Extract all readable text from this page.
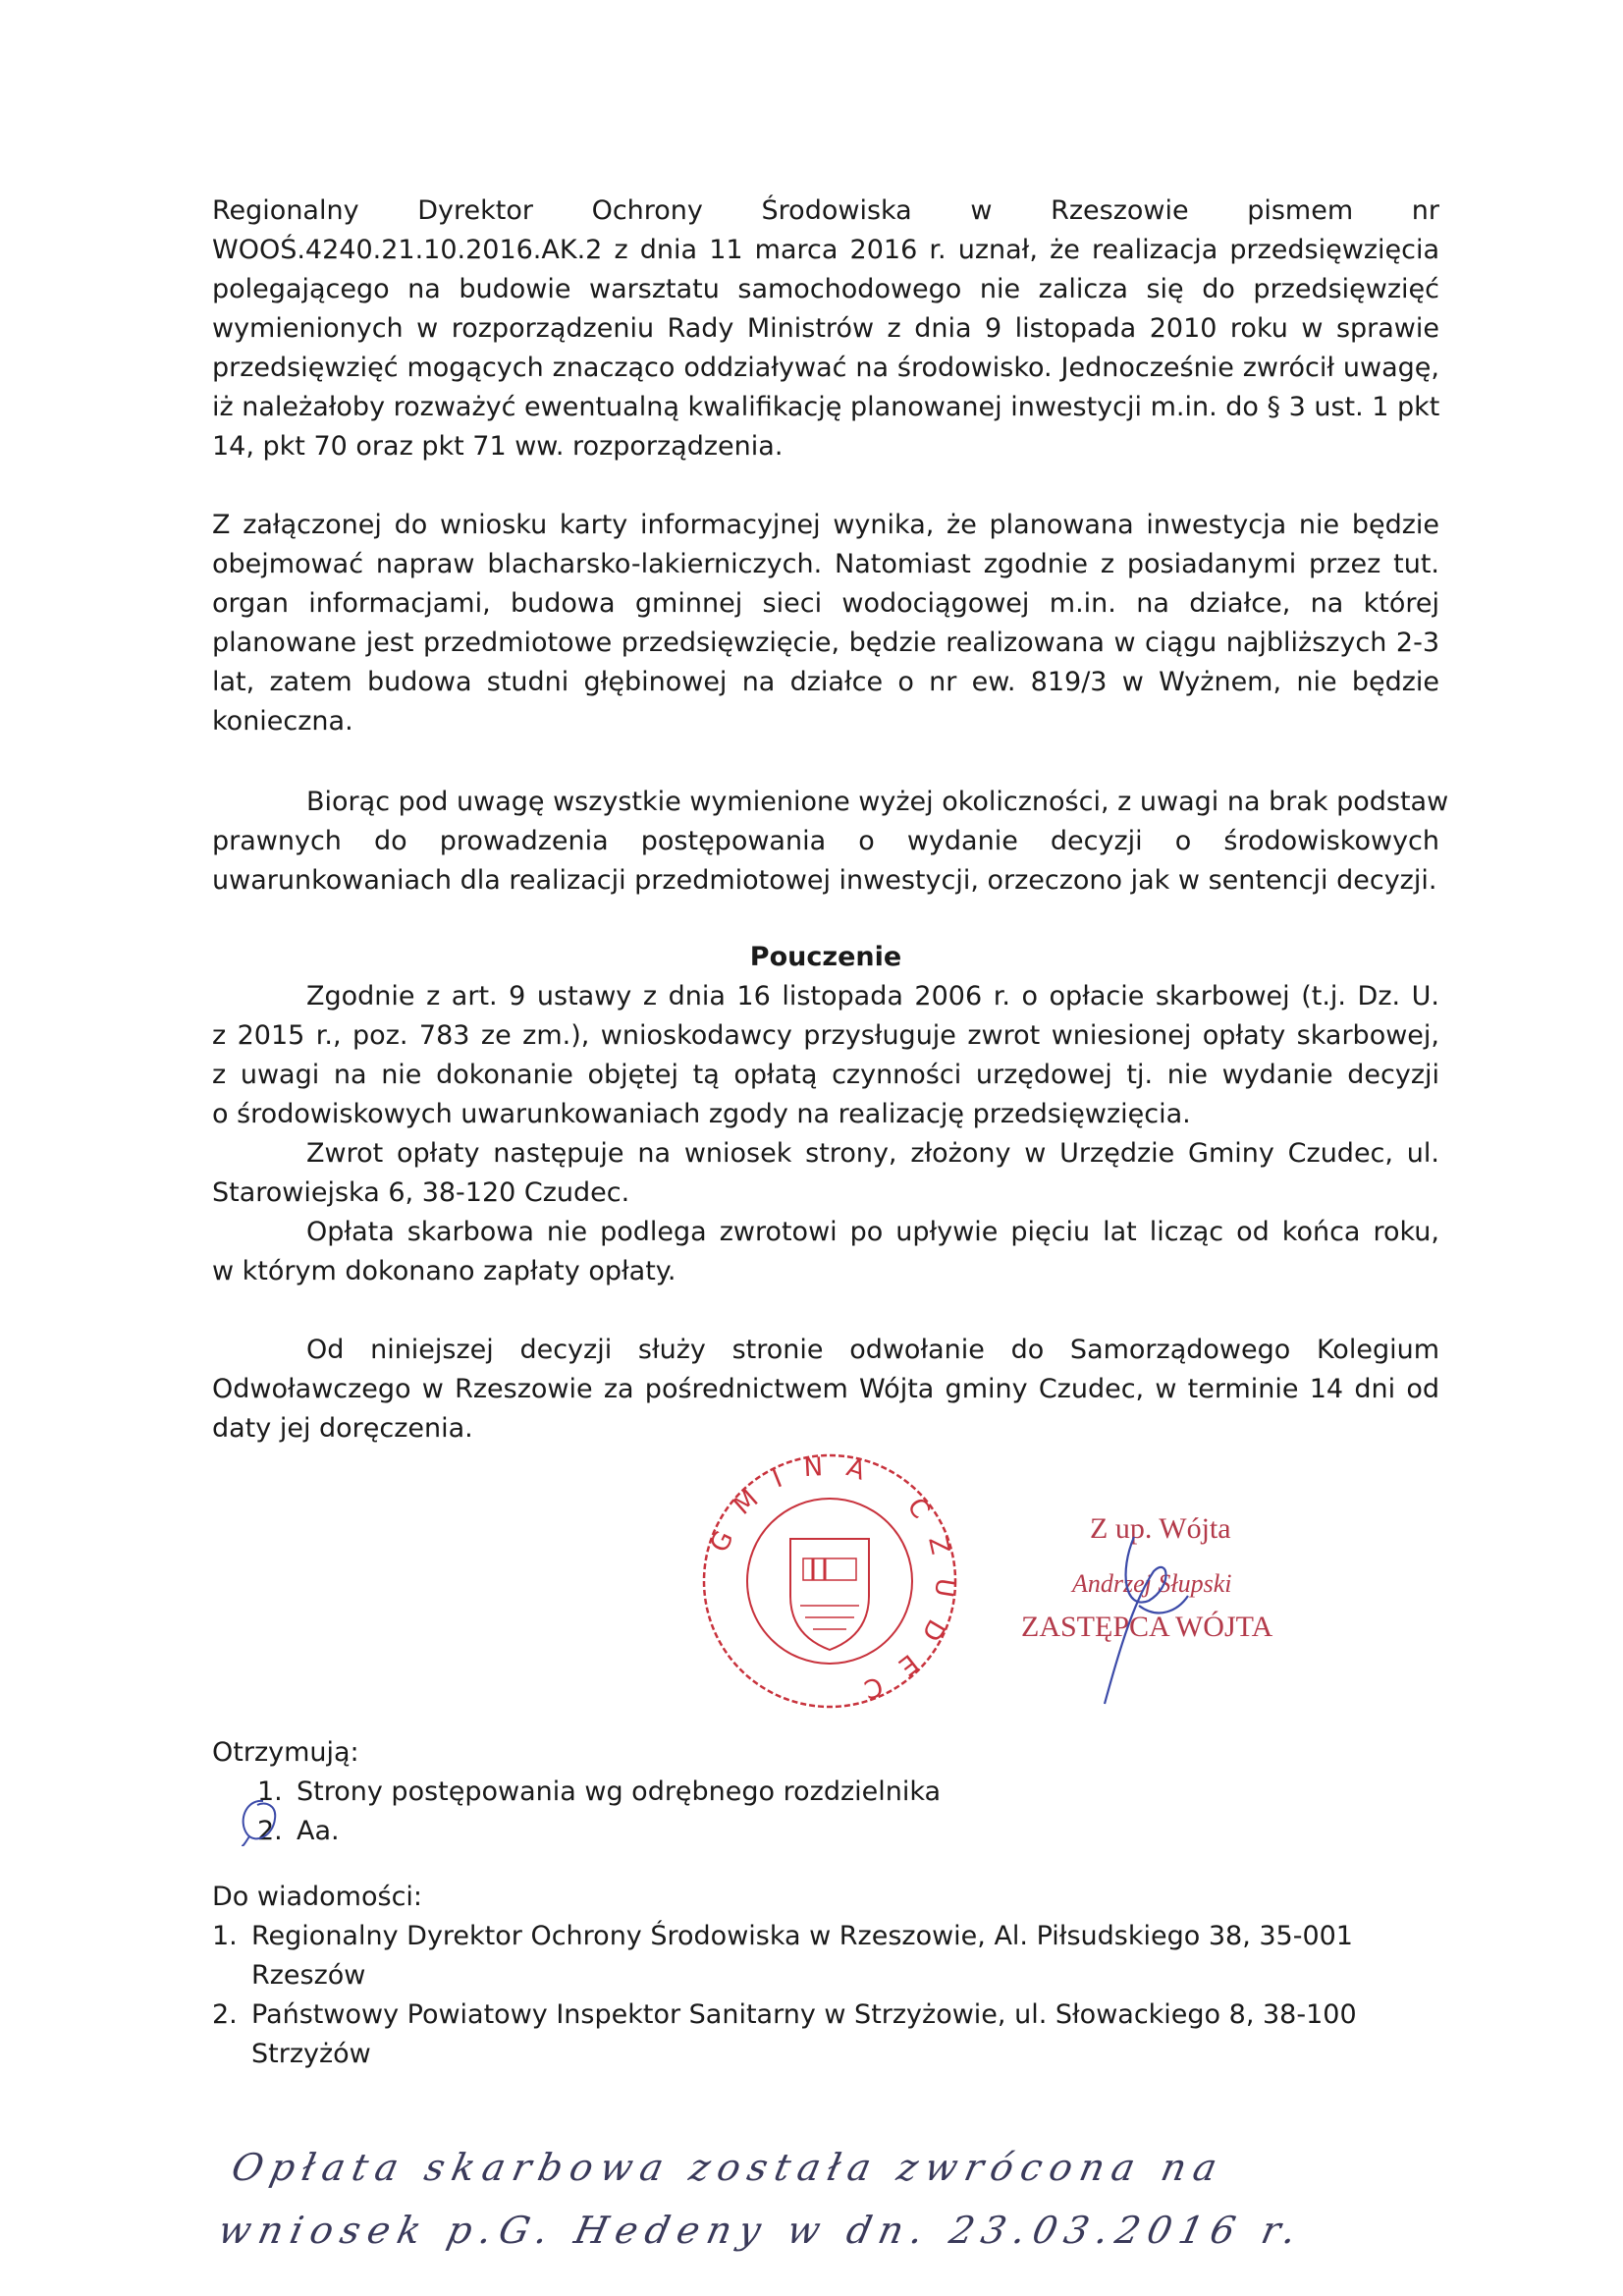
Regionalny Dyrektor Ochrony Środowiska w Rzeszowie pismem nr
WOOŚ.4240.21.10.2016.AK.2 z dnia 11 marca 2016 r. uznał, że realizacja przedsięwzięcia
polegającego na budowie warsztatu samochodowego nie zalicza się do przedsięwzięć
wymienionych w rozporządzeniu Rady Ministrów z dnia 9 listopada 2010 roku w sprawie
przedsięwzięć mogących znacząco oddziaływać na środowisko. Jednocześnie zwrócił uwagę,
iż należałoby rozważyć ewentualną kwalifikację planowanej inwestycji m.in. do § 3 ust. 1 pkt
14, pkt 70 oraz pkt 71 ww. rozporządzenia.
Z załączonej do wniosku karty informacyjnej wynika, że planowana inwestycja nie będzie
obejmować napraw blacharsko-lakierniczych. Natomiast zgodnie z posiadanymi przez tut.
organ informacjami, budowa gminnej sieci wodociągowej m.in. na działce, na której
planowane jest przedmiotowe przedsięwzięcie, będzie realizowana w ciągu najbliższych 2-3
lat, zatem budowa studni głębinowej na działce o nr ew. 819/3 w Wyżnem, nie będzie
konieczna.
Biorąc pod uwagę wszystkie wymienione wyżej okoliczności, z uwagi na brak podstaw
prawnych do prowadzenia postępowania o wydanie decyzji o środowiskowych
uwarunkowaniach dla realizacji przedmiotowej inwestycji, orzeczono jak w sentencji decyzji.
Pouczenie
Zgodnie z art. 9 ustawy z dnia 16 listopada 2006 r. o opłacie skarbowej (t.j. Dz. U.
z 2015 r., poz. 783 ze zm.), wnioskodawcy przysługuje zwrot wniesionej opłaty skarbowej,
z uwagi na nie dokonanie objętej tą opłatą czynności urzędowej tj. nie wydanie decyzji
o środowiskowych uwarunkowaniach zgody na realizację przedsięwzięcia.
Zwrot opłaty następuje na wniosek strony, złożony w Urzędzie Gminy Czudec, ul.
Starowiejska 6, 38-120 Czudec.
Opłata skarbowa nie podlega zwrotowi po upływie pięciu lat licząc od końca roku,
w którym dokonano zapłaty opłaty.
Od niniejszej decyzji służy stronie odwołanie do Samorządowego Kolegium
Odwoławczego w Rzeszowie za pośrednictwem Wójta gminy Czudec, w terminie 14 dni od
daty jej doręczenia.
GMINA CZUDEC
Z up. Wójta
Andrzej Słupski
ZASTĘPCA WÓJTA
Otrzymują:
1. Strony postępowania wg odrębnego rozdzielnika
2. Aa.
Do wiadomości:
1. Regionalny Dyrektor Ochrony Środowiska w Rzeszowie, Al. Piłsudskiego 38, 35-001
Rzeszów
2. Państwowy Powiatowy Inspektor Sanitarny w Strzyżowie, ul. Słowackiego 8, 38-100
Strzyżów
Opłata skarbowa została zwrócona na
wniosek p.G. Hedeny w dn. 23.03.2016 r.
